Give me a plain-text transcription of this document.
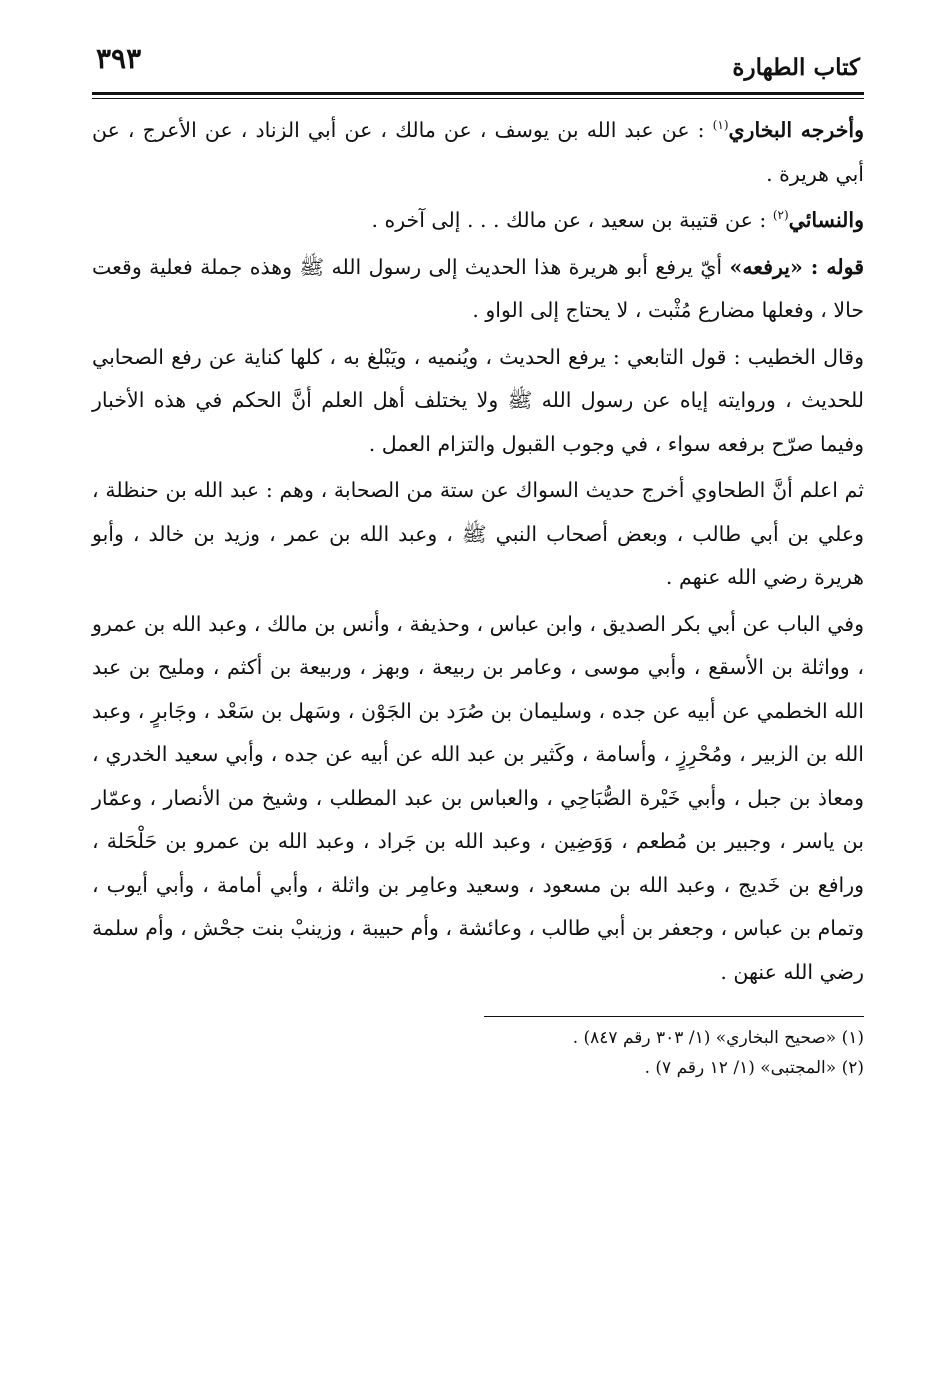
كتاب الطهارة
٣٩٣

وأخرجه البخاري$^{(١)}$ : عن عبد الله بن يوسف ، عن مالك ، عن أبي الزناد ، عن الأعرج ، عن أبي هريرة .

والنسائي$^{(٢)}$ : عن قتيبة بن سعيد ، عن مالك . . . إلى آخره .

قوله : «يرفعه» أيّ يرفع أبو هريرة هذا الحديث إلى رسول الله ﷺ وهذه جملة فعلية وقعت حالا ، وفعلها مضارع مُثْبت ، لا يحتاج إلى الواو .

وقال الخطيب : قول التابعي : يرفع الحديث ، ويُنميه ، ويَبْلغ به ، كلها كناية عن رفع الصحابي للحديث ، وروايته إياه عن رسول الله ﷺ ولا يختلف أهل العلم أنَّ الحكم في هذه الأخبار وفيما صرّح برفعه سواء ، في وجوب القبول والتزام العمل .

ثم اعلم أنَّ الطحاوي أخرج حديث السواك عن ستة من الصحابة ، وهم : عبد الله بن حنظلة ، وعلي بن أبي طالب ، وبعض أصحاب النبي ﷺ ، وعبد الله بن عمر ، وزيد بن خالد ، وأبو هريرة رضي الله عنهم .

وفي الباب عن أبي بكر الصديق ، وابن عباس ، وحذيفة ، وأنس بن مالك ، وعبد الله بن عمرو ، وواثلة بن الأسقع ، وأبي موسى ، وعامر بن ربيعة ، وبهز ، وربيعة بن أكثم ، ومليح بن عبد الله الخطمي عن أبيه عن جده ، وسليمان بن صُرَد بن الجَوْن ، وسَهل بن سَعْد ، وجَابرٍ ، وعبد الله بن الزبير ، ومُحْرِزٍ ، وأسامة ، وكَثير بن عبد الله عن أبيه عن جده ، وأبي سعيد الخدري ، ومعاذ بن جبل ، وأبي خَيْرة الصُّبَاحِي ، والعباس بن عبد المطلب ، وشيخ من الأنصار ، وعمّار بن ياسر ، وجبير بن مُطعم ، وَوَضِين ، وعبد الله بن جَراد ، وعبد الله بن عمرو بن حَلْحَلة ، ورافع بن خَديج ، وعبد الله بن مسعود ، وسعيد وعامِر بن واثلة ، وأبي أمامة ، وأبي أيوب ، وتمام بن عباس ، وجعفر بن أبي طالب ، وعائشة ، وأم حبيبة ، وزينبْ بنت جحْش ، وأم سلمة رضي الله عنهن .

(١) «صحيح البخاري» (١/ ٣٠٣ رقم ٨٤٧) .

(٢) «المجتبى» (١/ ١٢ رقم ٧) .
